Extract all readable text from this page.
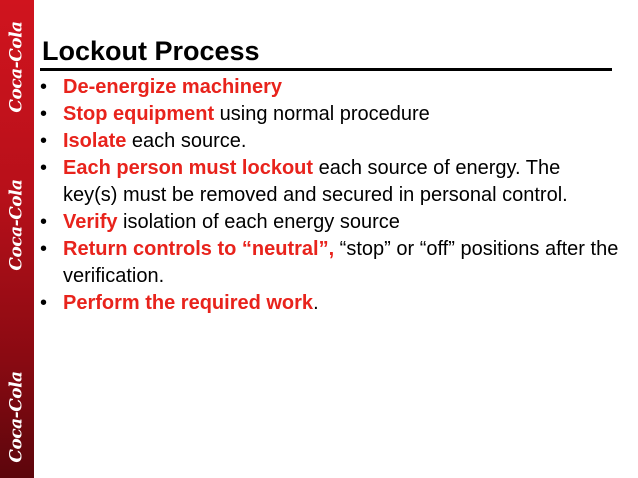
Coca-Cola
Coca-Cola
Coca-Cola
Lockout Process
• De-energize machinery
• Stop equipment using normal procedure
• Isolate each source.
• Each person must lockout each source of energy. The key(s) must be removed and secured in personal control.
• Verify isolation of each energy source
• Return controls to “neutral”, “stop” or “off” positions after the verification.
• Perform the required work.
